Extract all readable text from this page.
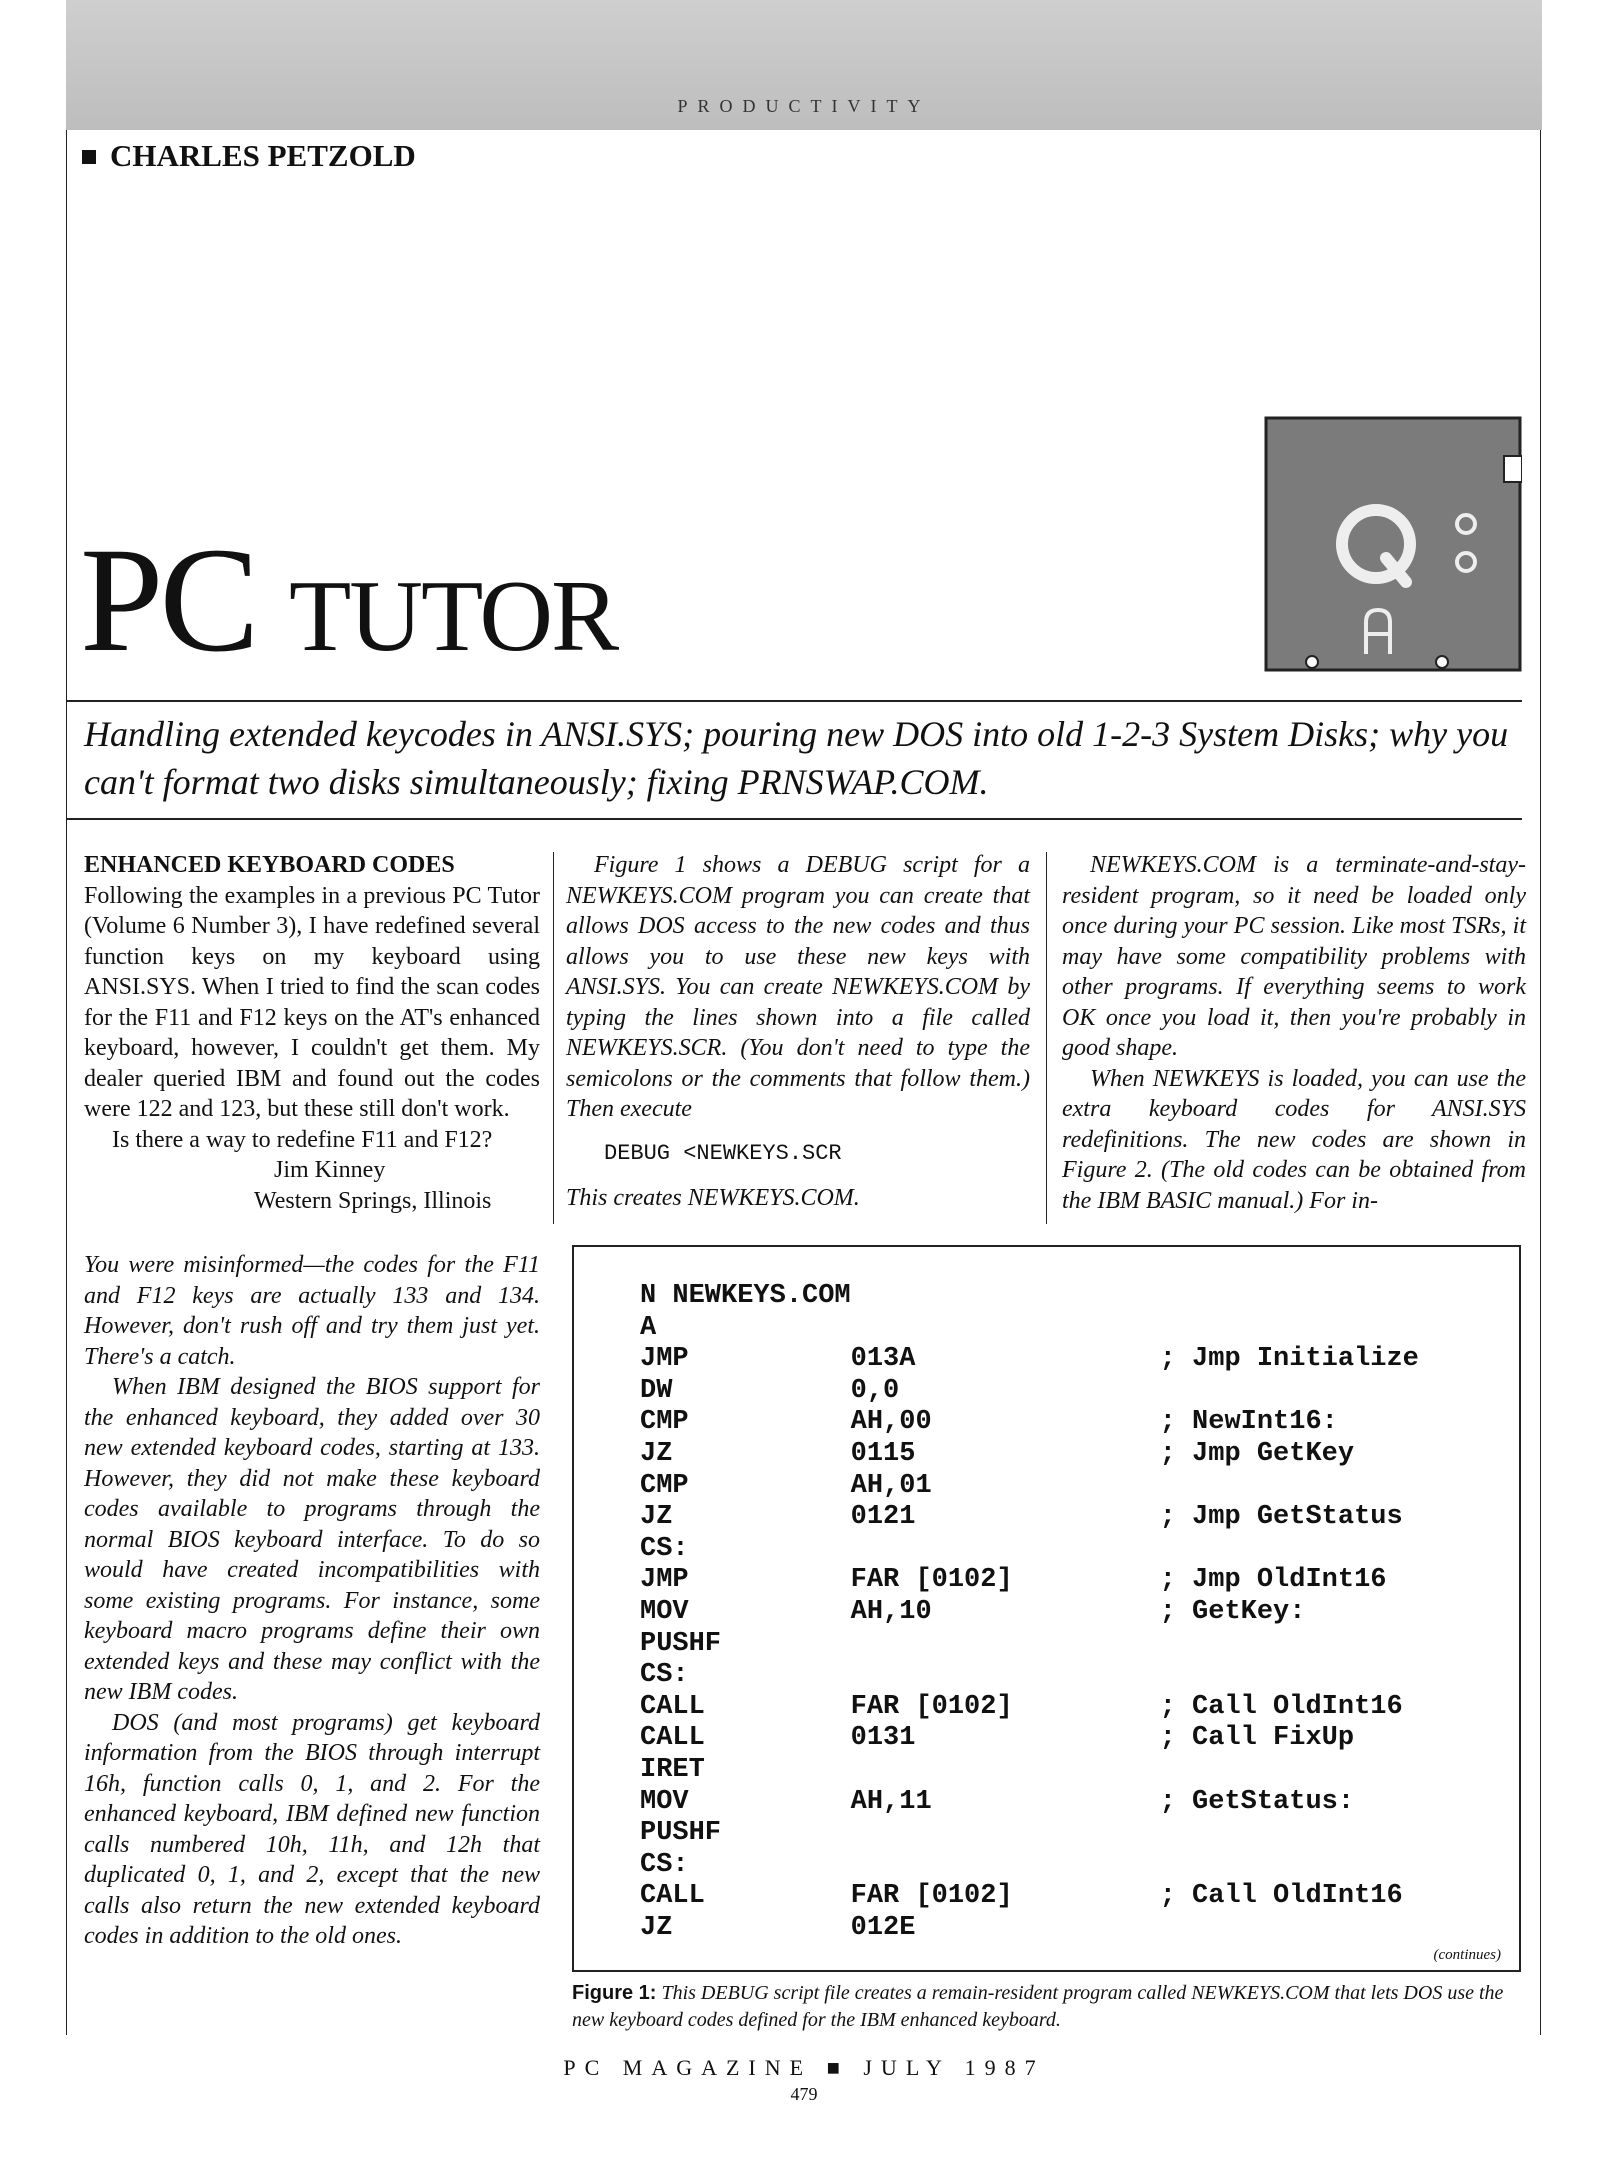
PRODUCTIVITY
CHARLES PETZOLD
PC TUTOR
Handling extended keycodes in ANSI.SYS; pouring new DOS into old 1-2-3 System Disks; why you can't format two disks simultaneously; fixing PRNSWAP.COM.

ENHANCED KEYBOARD CODES

Following the examples in a previous PC Tutor (Volume 6 Number 3), I have redefined several function keys on my keyboard using ANSI.SYS. When I tried to find the scan codes for the F11 and F12 keys on the AT's enhanced keyboard, however, I couldn't get them. My dealer queried IBM and found out the codes were 122 and 123, but these still don't work.

Is there a way to redefine F11 and F12?

Jim Kinney

Western Springs, Illinois

You were misinformed—the codes for the F11 and F12 keys are actually 133 and 134. However, don't rush off and try them just yet. There's a catch.

When IBM designed the BIOS support for the enhanced keyboard, they added over 30 new extended keyboard codes, starting at 133. However, they did not make these keyboard codes available to programs through the normal BIOS keyboard interface. To do so would have created incompatibilities with some existing programs. For instance, some keyboard macro programs define their own extended keys and these may conflict with the new IBM codes.

DOS (and most programs) get keyboard information from the BIOS through interrupt 16h, function calls 0, 1, and 2. For the enhanced keyboard, IBM defined new function calls numbered 10h, 11h, and 12h that duplicated 0, 1, and 2, except that the new calls also return the new extended keyboard codes in addition to the old ones.

Figure 1 shows a DEBUG script for a NEWKEYS.COM program you can create that allows DOS access to the new codes and thus allows you to use these new keys with ANSI.SYS. You can create NEWKEYS.COM by typing the lines shown into a file called NEWKEYS.SCR. (You don't need to type the semicolons or the comments that follow them.) Then execute

DEBUG <NEWKEYS.SCR

This creates NEWKEYS.COM.

NEWKEYS.COM is a terminate-and-stay-resident program, so it need be loaded only once during your PC session. Like most TSRs, it may have some compatibility problems with other programs. If everything seems to work OK once you load it, then you're probably in good shape.

When NEWKEYS is loaded, you can use the extra keyboard codes for ANSI.SYS redefinitions. The new codes are shown in Figure 2. (The old codes can be obtained from the IBM BASIC manual.) For in-

N NEWKEYS.COM		
A		
JMP	013A	; Jmp Initialize
DW	0,0	
CMP	AH,00	; NewInt16:
JZ	0115	; Jmp GetKey
CMP	AH,01	
JZ	0121	; Jmp GetStatus
CS:		
JMP	FAR [0102]	; Jmp OldInt16
MOV	AH,10	; GetKey:
PUSHF		
CS:		
CALL	FAR [0102]	; Call OldInt16
CALL	0131	; Call FixUp
IRET		
MOV	AH,11	; GetStatus:
PUSHF		
CS:		
CALL	FAR [0102]	; Call OldInt16
JZ	012E	
(continues)
Figure 1: This DEBUG script file creates a remain-resident program called NEWKEYS.COM that lets DOS use the new keyboard codes defined for the IBM enhanced keyboard.
PC MAGAZINE ■ JULY 1987
479
